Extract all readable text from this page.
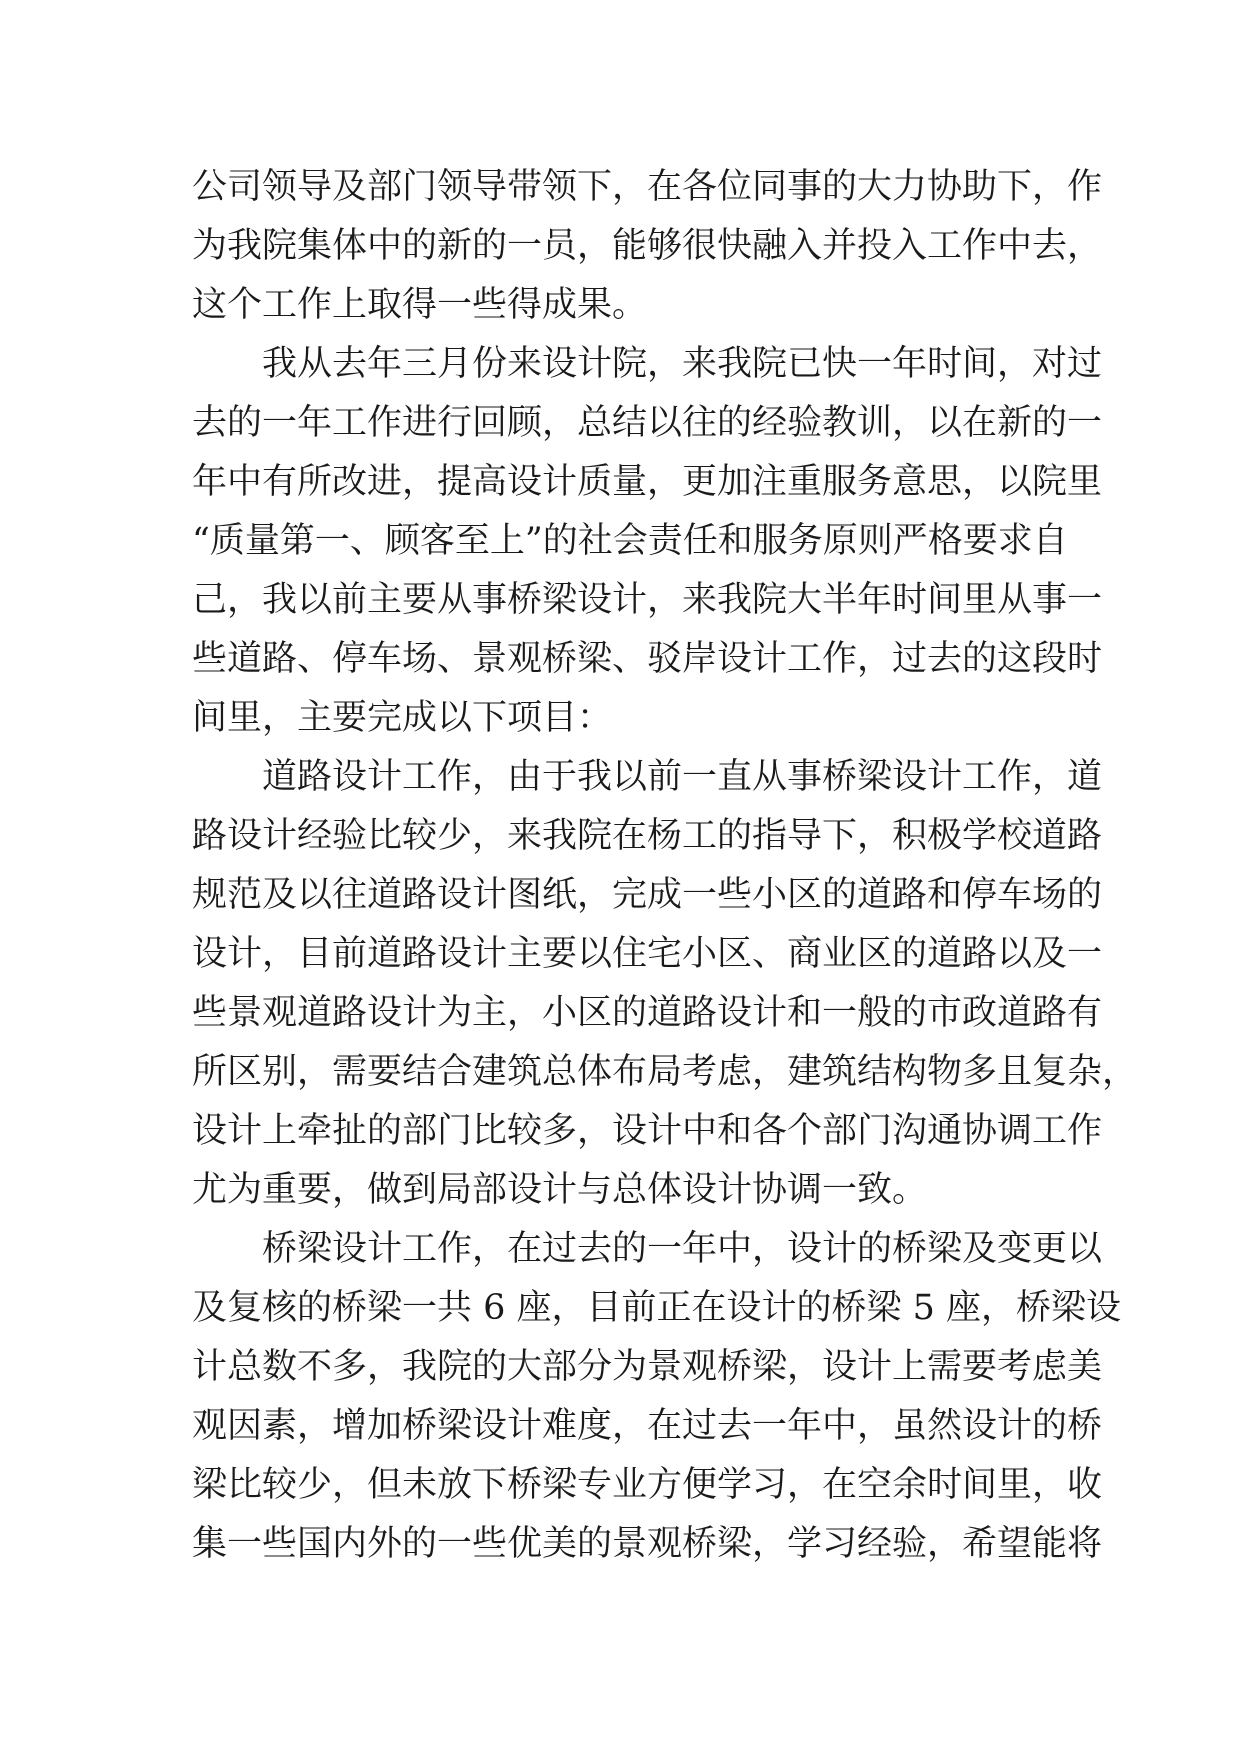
公司领导及部门领导带领下，在各位同事的大力协助下，作
为我院集体中的新的一员，能够很快融入并投入工作中去，
这个工作上取得一些得成果。
我从去年三月份来设计院，来我院已快一年时间，对过
去的一年工作进行回顾，总结以往的经验教训，以在新的一
年中有所改进，提高设计质量，更加注重服务意思，以院里
“质量第一、顾客至上”的社会责任和服务原则严格要求自
己，我以前主要从事桥梁设计，来我院大半年时间里从事一
些道路、停车场、景观桥梁、驳岸设计工作，过去的这段时
间里，主要完成以下项目：
道路设计工作，由于我以前一直从事桥梁设计工作，道
路设计经验比较少，来我院在杨工的指导下，积极学校道路
规范及以往道路设计图纸，完成一些小区的道路和停车场的
设计，目前道路设计主要以住宅小区、商业区的道路以及一
些景观道路设计为主，小区的道路设计和一般的市政道路有
所区别，需要结合建筑总体布局考虑，建筑结构物多且复杂，
设计上牵扯的部门比较多，设计中和各个部门沟通协调工作
尤为重要，做到局部设计与总体设计协调一致。
桥梁设计工作，在过去的一年中，设计的桥梁及变更以
及复核的桥梁一共 6 座，目前正在设计的桥梁 5 座，桥梁设
计总数不多，我院的大部分为景观桥梁，设计上需要考虑美
观因素，增加桥梁设计难度，在过去一年中，虽然设计的桥
梁比较少，但未放下桥梁专业方便学习，在空余时间里，收
集一些国内外的一些优美的景观桥梁，学习经验，希望能将
